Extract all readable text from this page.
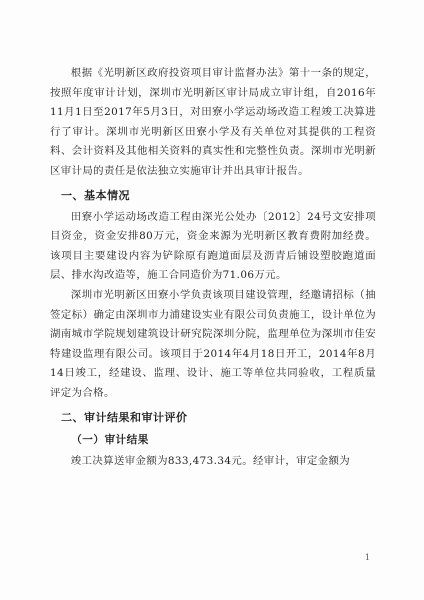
根据《光明新区政府投资项目审计监督办法》第十一条的规定，按照年度审计计划，深圳市光明新区审计局成立审计组，自2016年11月1日至2017年5月3日，对田寮小学运动场改造工程竣工决算进行了审计。深圳市光明新区田寮小学及有关单位对其提供的工程资料、会计资料及其他相关资料的真实性和完整性负责。深圳市光明新区审计局的责任是依法独立实施审计并出具审计报告。

一、基本情况

田寮小学运动场改造工程由深光公处办〔2012〕24号文安排项目资金，资金安排80万元，资金来源为光明新区教育费附加经费。该项目主要建设内容为铲除原有跑道面层及沥青后铺设塑胶跑道面层、排水沟改造等，施工合同造价为71.06万元。

深圳市光明新区田寮小学负责该项目建设管理，经邀请招标（抽签定标）确定由深圳市力浦建设实业有限公司负责施工，设计单位为湖南城市学院规划建筑设计研究院深圳分院，监理单位为深圳市佳安特建设监理有限公司。该项目于2014年4月18日开工，2014年8月14日竣工，经建设、监理、设计、施工等单位共同验收，工程质量评定为合格。

二、审计结果和审计评价

（一）审计结果

竣工决算送审金额为833,473.34元。经审计，审定金额为

1
